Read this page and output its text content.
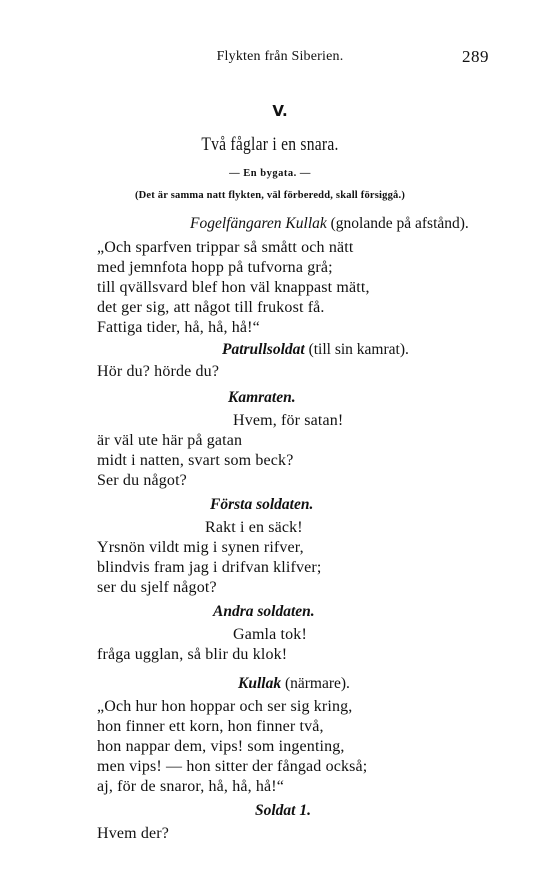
Flykten från Siberien.	289
V.
Två fåglar i en snara.
— En bygata. —
(Det är samma natt flykten, väl förberedd, skall försiggå.)
Fogelfängaren Kullak (gnolande på afstånd).
„Och sparfven trippar så smått och nätt
med jemnfota hopp på tufvorna grå;
till qvällsvard blef hon väl knappast mätt,
det ger sig, att något till frukost få.
Fattiga tider, hå, hå, hå!“
Patrullsoldat (till sin kamrat).
Hör du? hörde du?
Kamraten.
Hvem, för satan!
är väl ute här på gatan
midt i natten, svart som beck?
Ser du något?
Första soldaten.
Rakt i en säck!
Yrsnön vildt mig i synen rifver,
blindvis fram jag i drifvan klifver;
ser du sjelf något?
Andra soldaten.
Gamla tok!
fråga ugglan, så blir du klok!
Kullak (närmare).
„Och hur hon hoppar och ser sig kring,
hon finner ett korn, hon finner två,
hon nappar dem, vips! som ingenting,
men vips! — hon sitter der fångad också;
aj, för de snaror, hå, hå, hå!“
Soldat 1.
Hvem der?
